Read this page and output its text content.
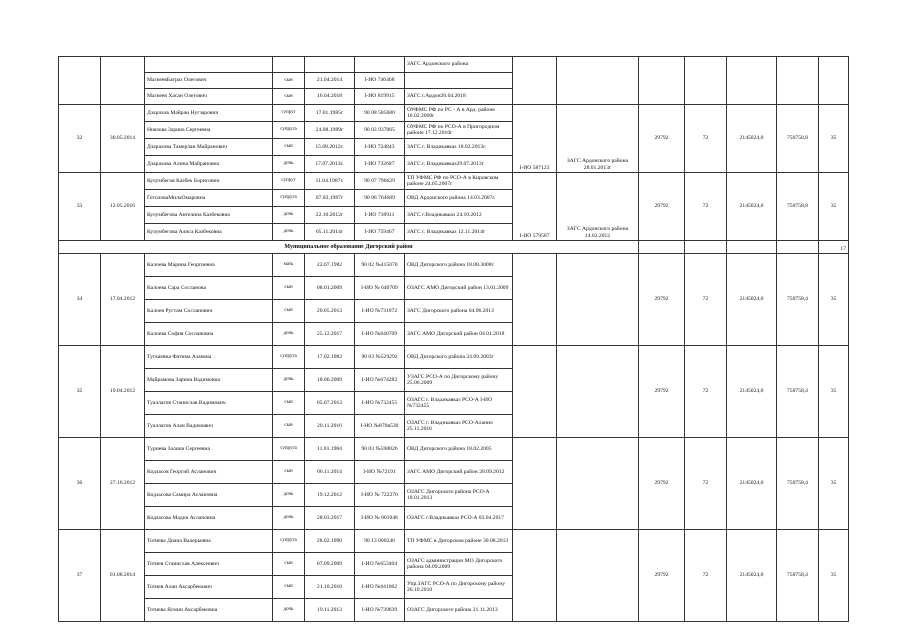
						ЗАГС Ардонского района							
		МагкеевБатраз Олегович	сын	21.04.2014	I-ИО 746468								
		Магкеев Хасан Олегович	сын	16.04.2018	I-ИО 819915	ЗАГС г.Ардон20.04.2018							
32	30.05.2014	Дзарахов Майран Нугзарович	супруг	17.01.1985г	90 08 585680	ОУФМС РФ по РС - А в Ард. районе 16.02.2009г	I-ИО 587123	ЗАГС Ардонского района 28.01.2013г	29792	72	2145024,0	750758,8	35
		Ниязова Зарина Сергеевна	супруга	24.08.1989г	90 03 937065	ОУФМС РФ по РСО-А в Пригородном районе 17.12.2010г							
		Дзарахова Тамерлан Майранович	сын	15.08.2012г.	I-ИО 724843	ЗАГС г. Владикавказ 18.02.2013г.							
		Дзарахова Алина Майрановна	дочь	17.07.2013г.	I-ИО 732687	ЗАГС г. Владикавказ29.07.2013г							
33	12.05.2016	Кулумбегов Казбек Борисович	супруг	11.04.1987г.	90 07 796629	ТП УФМС РФ по РСО-А в Кировском районе 24.05.2007г	I-ИО 579587	ЗАГС Ардонского района 14.02.2012	29792	72	2145024,0	750758,8	35
		ГотоловаМилаОмаровна	супруга	07.03.1987г	90 06 764689	ОВД Ардонского района 14.03.2007г.							
		Кулумбегова Ангелина Казбековна	дочь	22.10.2012г	I-ИО 718911	ЗАГС г.Владикавказ 24.10.2012							
		Кулумбегова Алиса Казбековна	дочь	05.11.2014г	I-ИО 759467	ЗАГС г. Владикавказ 12.11.2014г							
Муниципальное образование Дигорский район													17
34	17.04.2012	Калоева Марина Георгиевна	мать	22.07.1982	90 02 №415070	ОВД Дигорского района 18.08.3008г			29792	72	2145024,0	750758,4	35
		Калоева Сара Сосланова	сын	08.01.2009	I-ИО № 640709	ОЗАГС АМО Дигорский район 13.01.2009							
		Калоев Рустам Сосланович	сын	20.05.2013	I-ИО №731072	ЗАГС Дигорского района 04.06.2013							
		Калоева София Сослановна	дочь	25.12.2017	I-ИО №640709	ЗАГС АМО Дигорский район 04.01.2018							
35	19.04.2012	Тугкаевна Фатима Азаевна	супруга	17.02.1982	90 03 №529292	ОВД Дигорского района 24.09.2003г			29792	72	2145024,0	750758,4	35
		Майрамова Зарина Вадимовна	дочь	18.06.2009	I-ИО №674282	УЗАГС РСО-А по Дигорскому району 25.06.2009							
		Туаллагов Станислав Вадимович	сын	05.07.2013	I-ИО №732455	ОЗАГС г. Владикавказ РСО-А I-ИО №732455							
		Туаллагов Алан Вадимович	сын	20.11.2016	I-ИО №870в530	ОЗАГС г. Владикавказ РСО-Аланио 25.11.2016							
36	27.10.2012	Туриева Залина Сергеевна	супруга	11.01.1984	90 03 №598826	ОВД Дигорского района 18.02.2005			29792	72	2145024,0	750758,4	35
		Кодзасов Георгий Асланович	сын	06.11.2014	I-ИО №72191	ЗАГС АМО Дигорский район 28.09.2012							
		Кодзасова Самира Аслановна	дочь	19.12.2012	I-ИО № 722270	ОЗАГС Дигорского района РСО-А 18.01.2013							
		Кодзасова Мадиа Аслановна	дочь	28.03.2017	I-ИО № 801048	ОЗАГС г.Владикавказ РСО-А 03.04.2017							
37	01.08.2014	Тотиева Диана Валерьевна	супруга	28.02.1990	90 13 000246	ТП УФМС в Дигорском районе 30.08.2013			29792	72	2145024,0	750758,4	35
		Тотиев Станислав Алексеевич	сын	07.09.2009	I-ИО №653404	ОЗАГС администрации МО Дигорского района 04.09.2009							
		Тотиев Алан Аксарбекович	сын	21.10.2010	I-ИО №641062	Упр.ЗАГС РСО-А по Дигорскому району 26.10.2010							
		Тотиева Ясмин Аксарбековна	дочь	19.11.2013	I-ИО №739639	ОЗАГС Дигорского района 21.11.2013							
